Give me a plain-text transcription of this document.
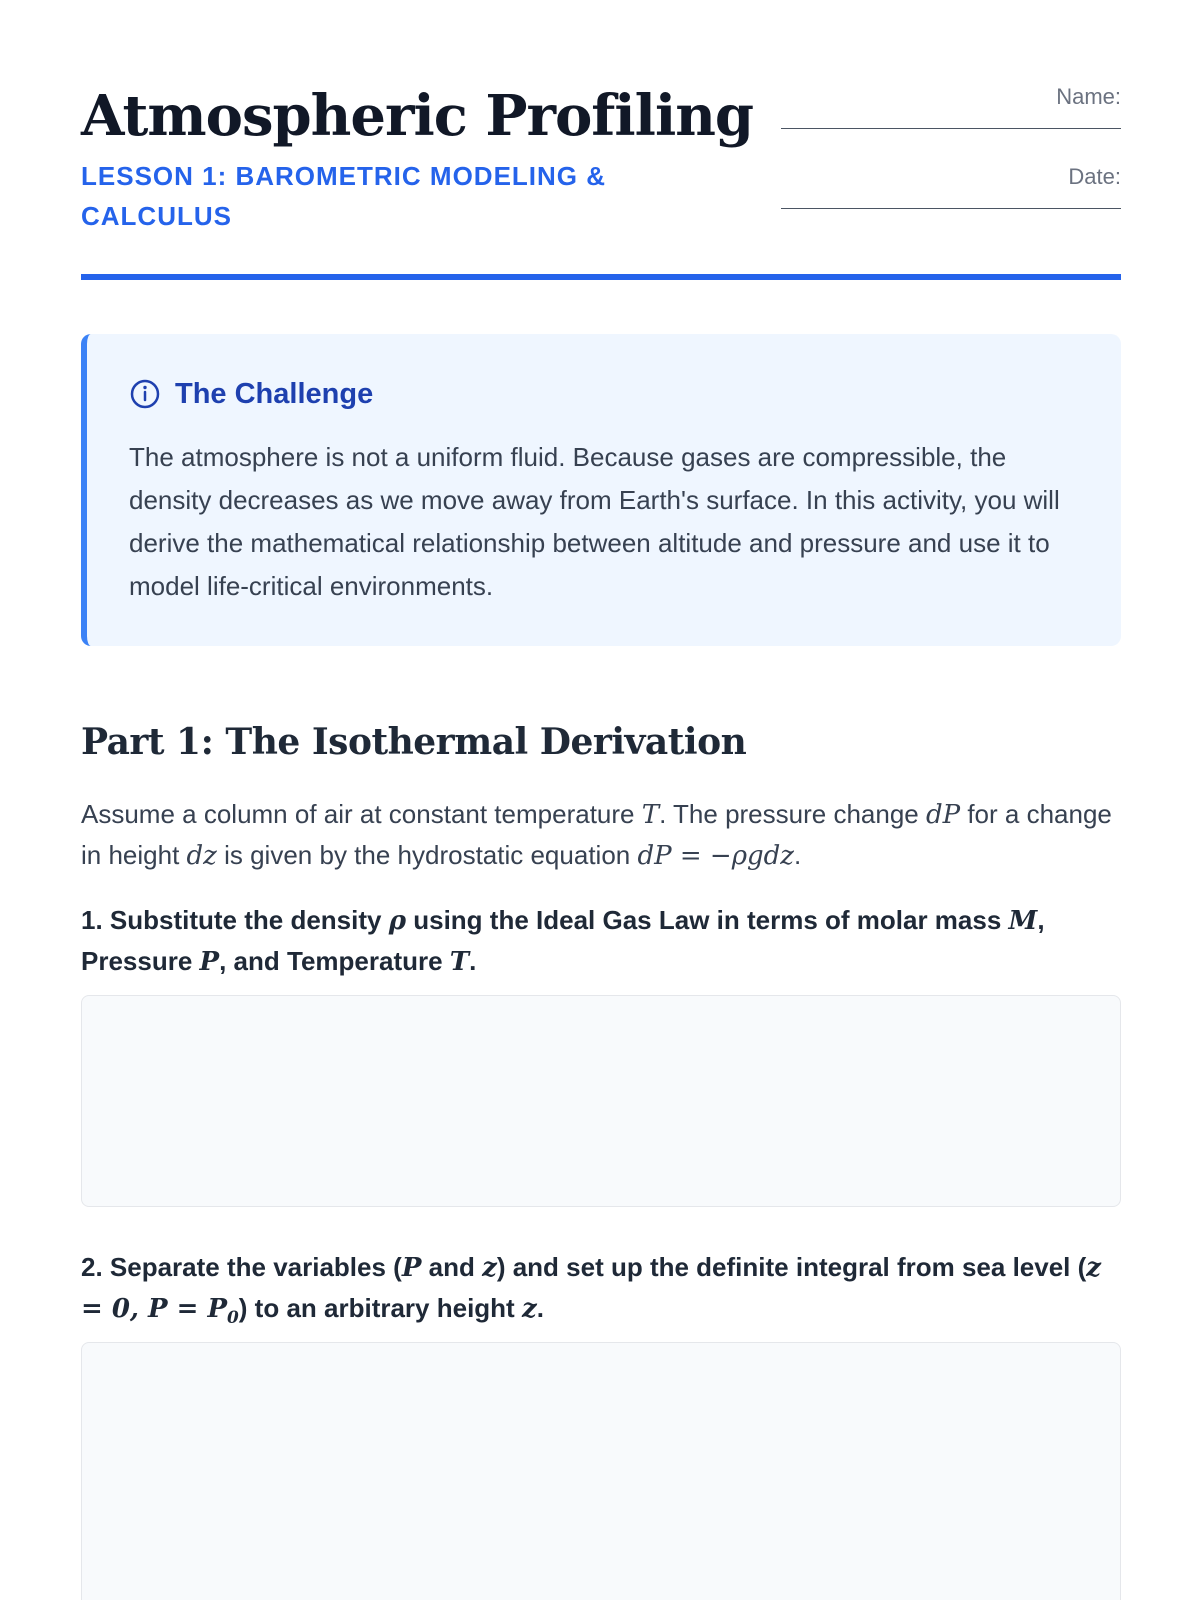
Atmospheric Profiling

LESSON 1: BAROMETRIC MODELING & CALCULUS

Name:
Date:
The Challenge

The atmosphere is not a uniform fluid. Because gases are compressible, the density decreases as we move away from Earth's surface. In this activity, you will derive the mathematical relationship between altitude and pressure and use it to model life-critical environments.

Part 1: The Isothermal Derivation

Assume a column of air at constant temperature T. The pressure change dP for a change in height dz is given by the hydrostatic equation dP = −ρgdz.

1. Substitute the density ρ using the Ideal Gas Law in terms of molar mass M, Pressure P, and Temperature T.

2. Separate the variables (P and z) and set up the definite integral from sea level (z = 0, $P = P_0$) to an arbitrary height z.
